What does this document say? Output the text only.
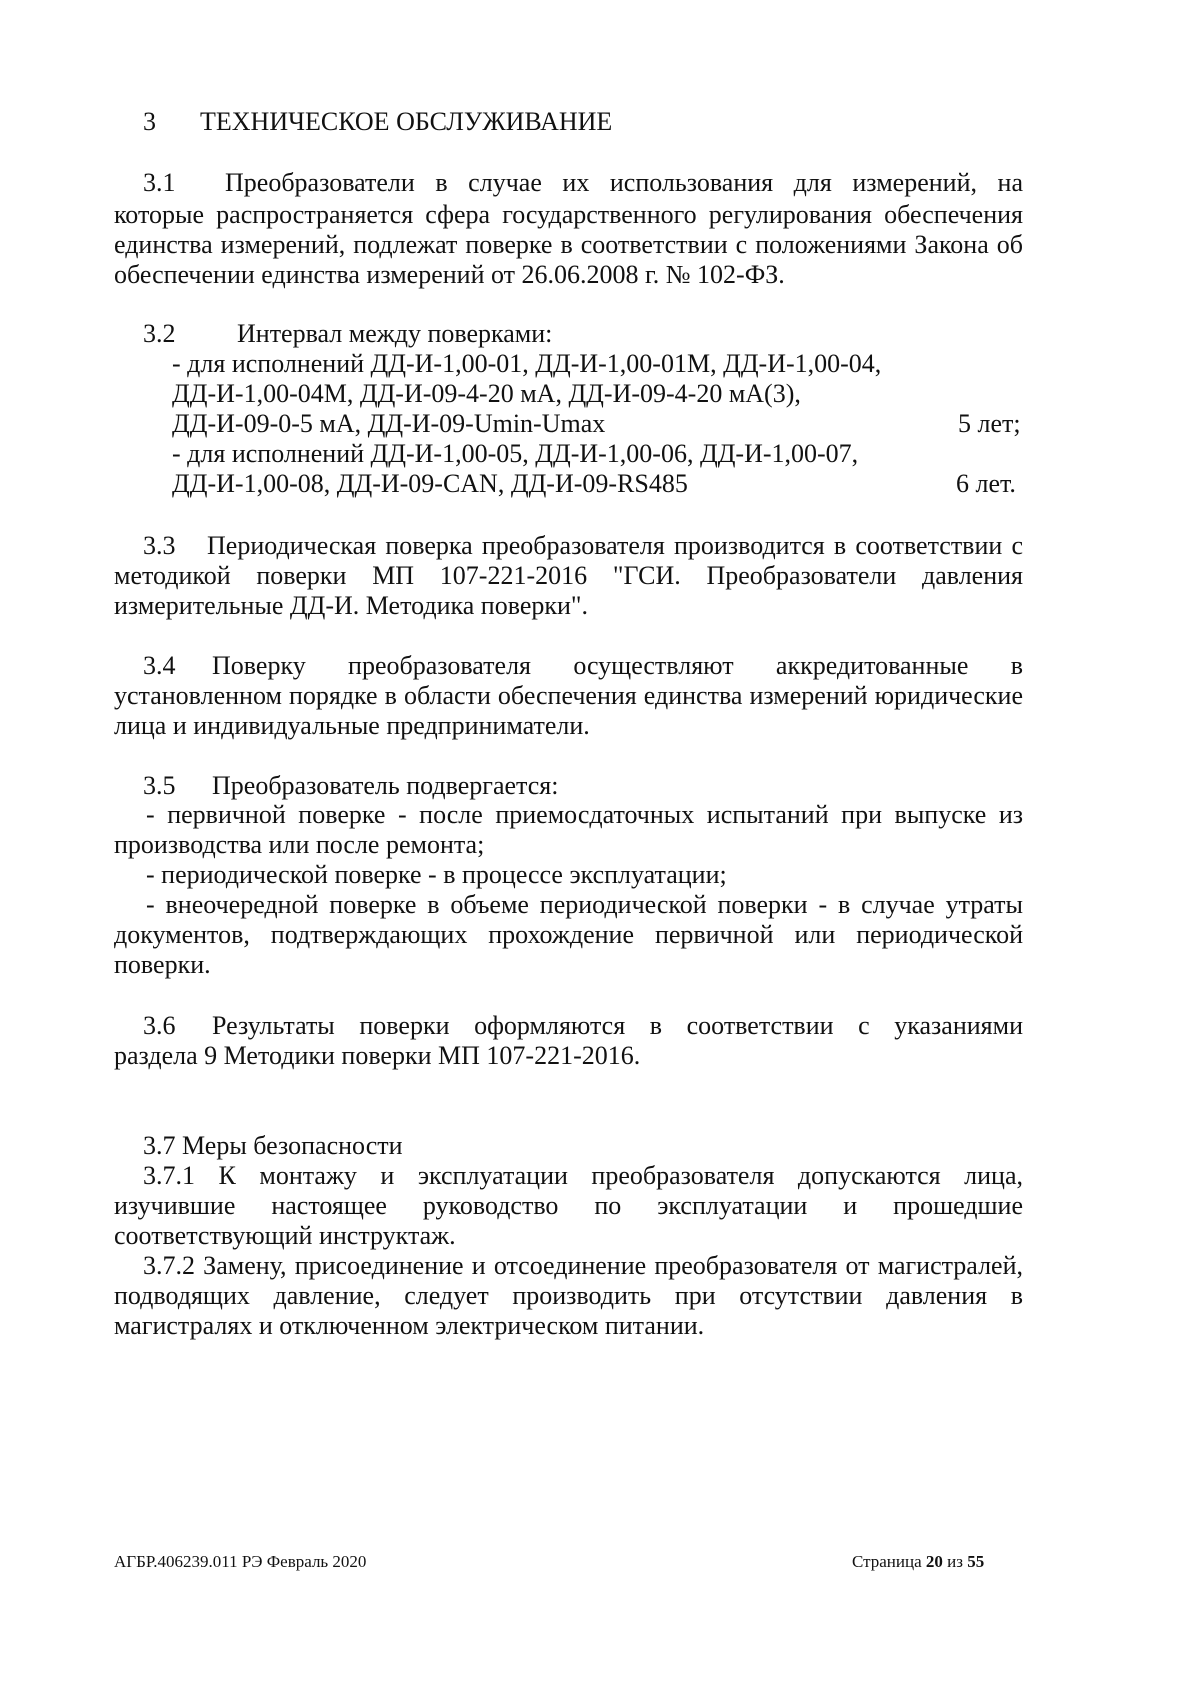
3 ТЕХНИЧЕСКОЕ ОБСЛУЖИВАНИЕ
3.1 Преобразователи в случае их использования для измерений, на
которые распространяется сфера государственного регулирования обеспечения
единства измерений, подлежат поверке в соответствии с положениями Закона об
обеспечении единства измерений от 26.06.2008 г. № 102-ФЗ.
3.2 Интервал между поверками:
- для исполнений ДД-И-1,00-01, ДД-И-1,00-01М, ДД-И-1,00-04,
ДД-И-1,00-04М, ДД-И-09-4-20 мА, ДД-И-09-4-20 мА(3),
ДД-И-09-0-5 мА, ДД-И-09-Umin-Umax	5 лет;
- для исполнений ДД-И-1,00-05, ДД-И-1,00-06, ДД-И-1,00-07,
ДД-И-1,00-08, ДД-И-09-CAN, ДД-И-09-RS485	6 лет.
3.3 Периодическая поверка преобразователя производится в соответствии с
методикой поверки МП 107-221-2016 "ГСИ. Преобразователи давления
измерительные ДД-И. Методика поверки".
3.4 Поверку преобразователя осуществляют аккредитованные в
установленном порядке в области обеспечения единства измерений юридические
лица и индивидуальные предприниматели.
3.5 Преобразователь подвергается:
- первичной поверке - после приемосдаточных испытаний при выпуске из
производства или после ремонта;
- периодической поверке - в процессе эксплуатации;
- внеочередной поверке в объеме периодической поверки - в случае утраты
документов, подтверждающих прохождение первичной или периодической
поверки.
3.6 Результаты поверки оформляются в соответствии с указаниями
раздела 9 Методики поверки МП 107-221-2016.
3.7 Меры безопасности
3.7.1 К монтажу и эксплуатации преобразователя допускаются лица,
изучившие настоящее руководство по эксплуатации и прошедшие
соответствующий инструктаж.
3.7.2 Замену, присоединение и отсоединение преобразователя от магистралей,
подводящих давление, следует производить при отсутствии давления в
магистралях и отключенном электрическом питании.
АГБР.406239.011 РЭ Февраль 2020	Страница 20 из 55
